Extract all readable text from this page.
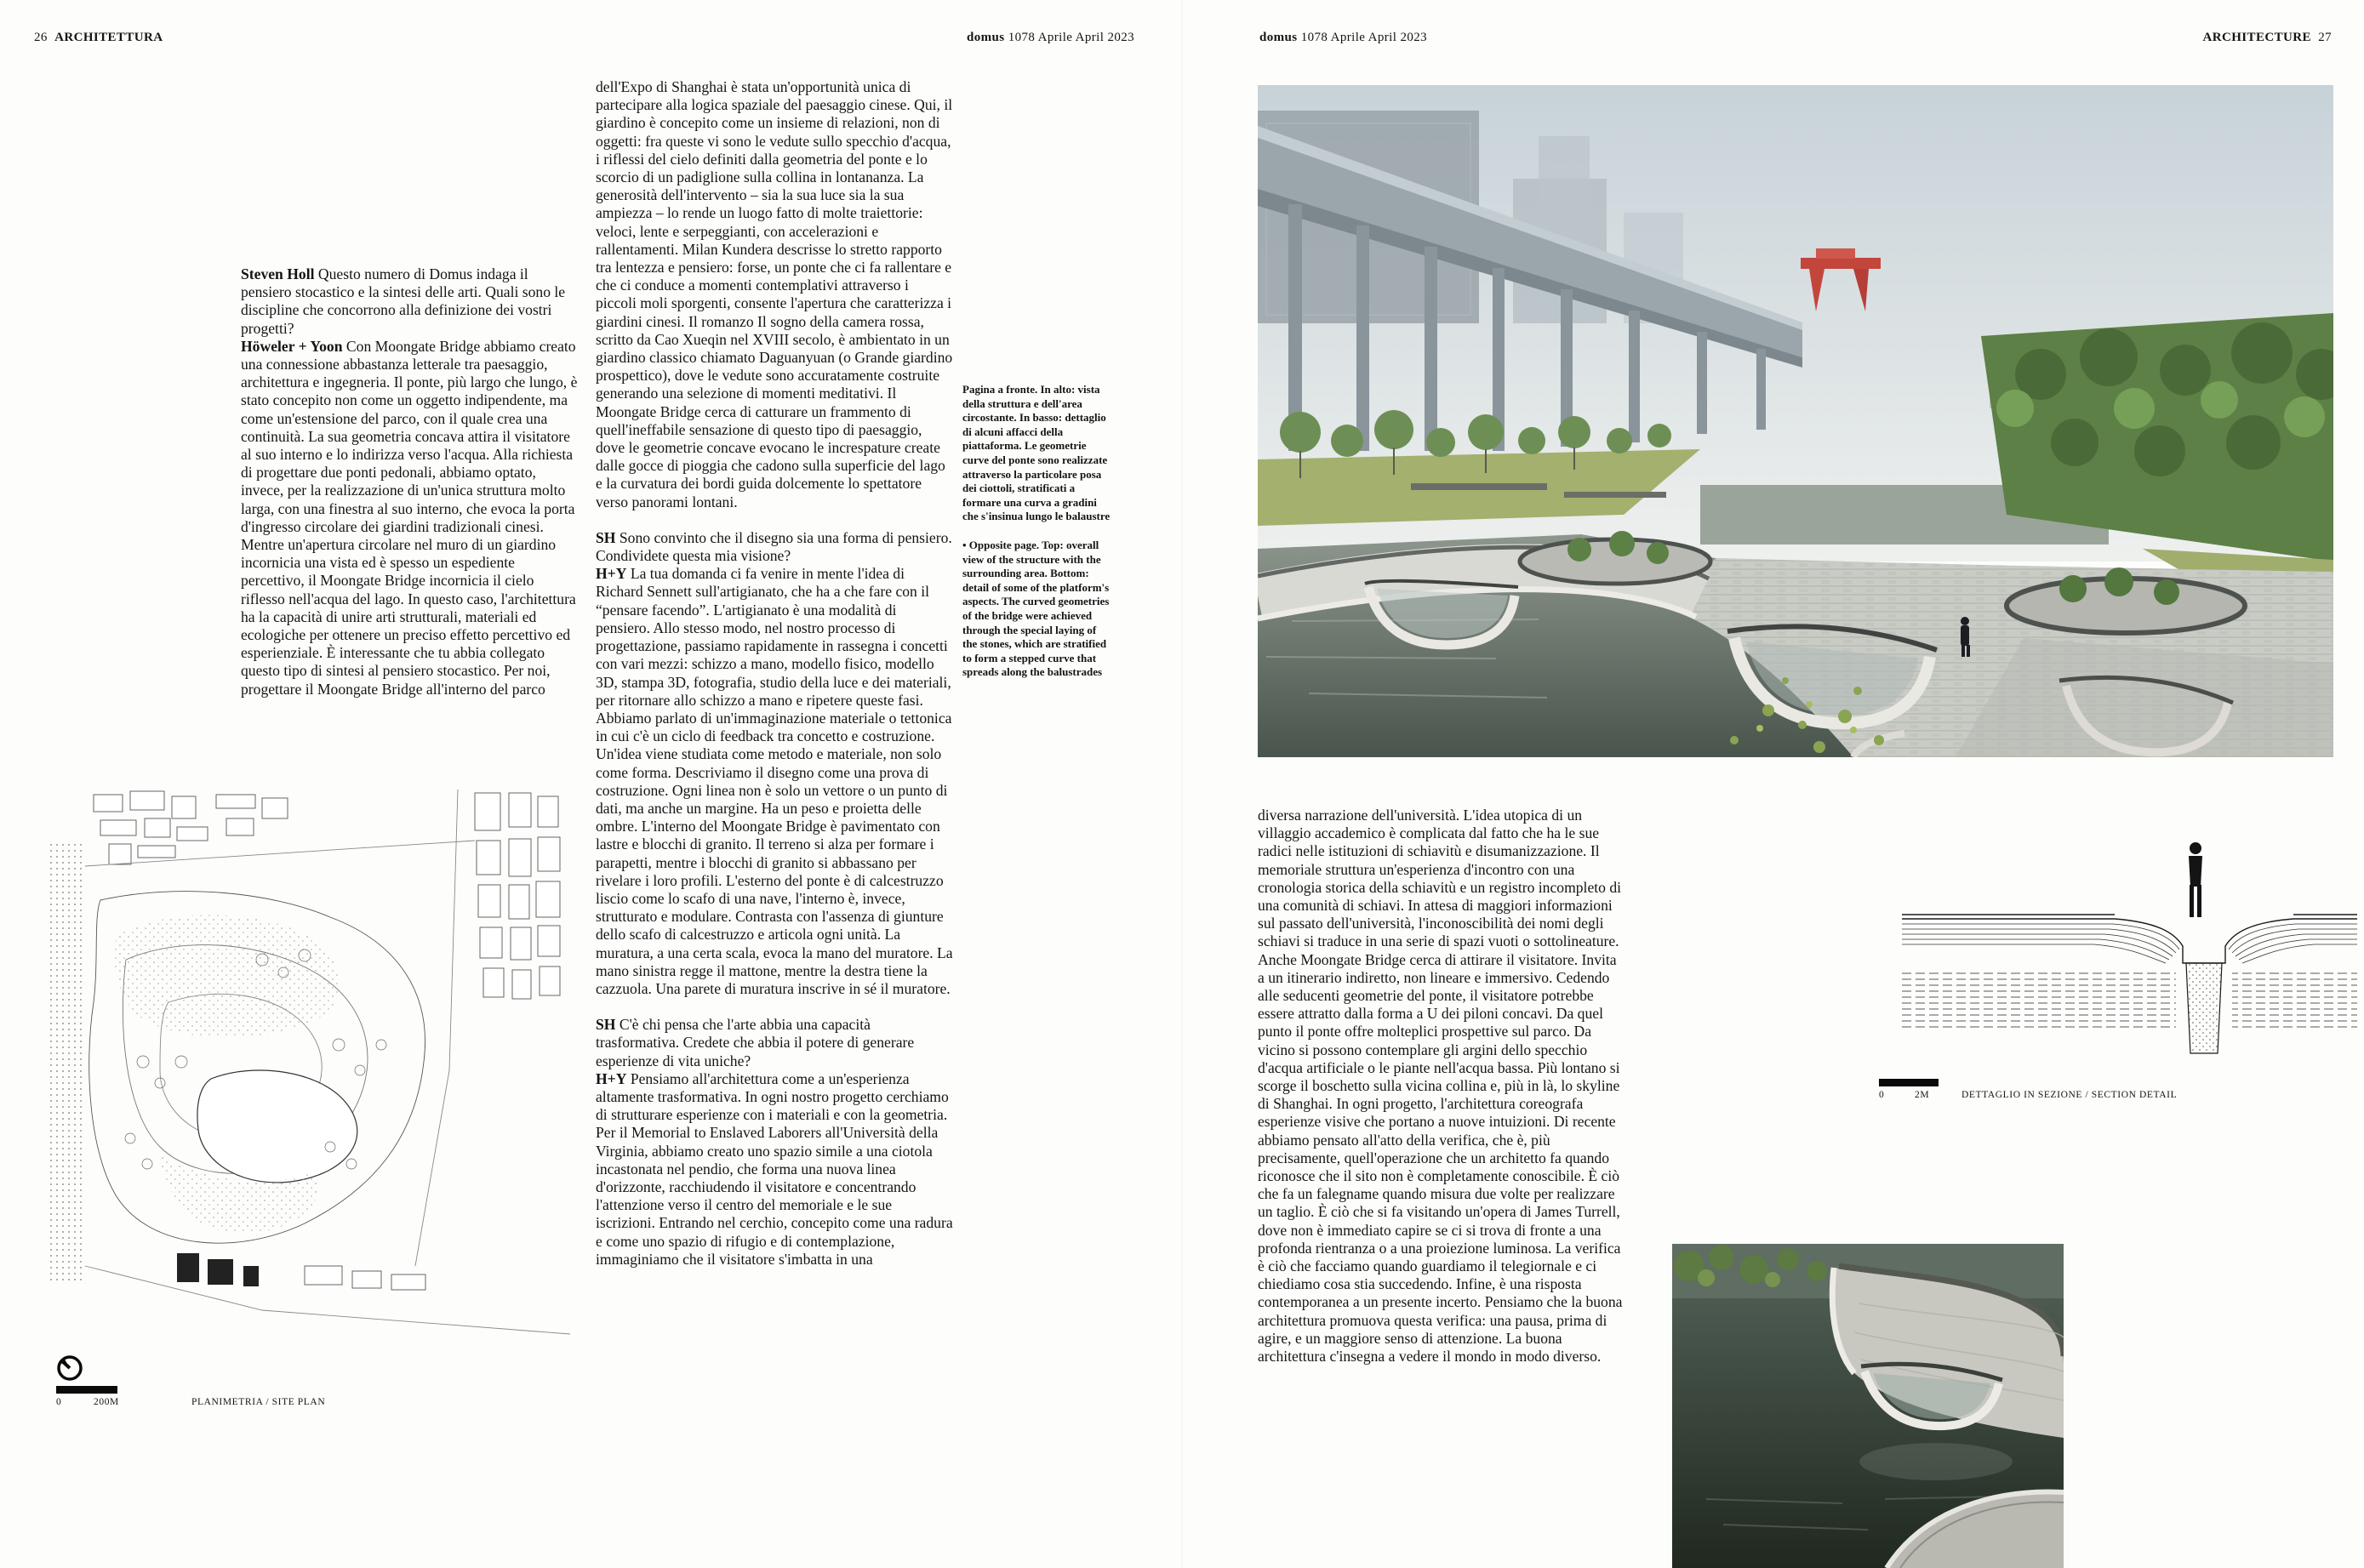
26 ARCHITETTURA	domus 1078 Aprile April 2023	domus 1078 Aprile April 2023	ARCHITECTURE 27

Steven Holl Questo numero di Domus indaga il pensiero stocastico e la sintesi delle arti. Quali sono le discipline che concorrono alla definizione dei vostri progetti?

Höweler + Yoon Con Moongate Bridge abbiamo creato una connessione abbastanza letterale tra paesaggio, architettura e ingegneria. Il ponte, più largo che lungo, è stato concepito non come un oggetto indipendente, ma come un'estensione del parco, con il quale crea una continuità. La sua geometria concava attira il visitatore al suo interno e lo indirizza verso l'acqua. Alla richiesta di progettare due ponti pedonali, abbiamo optato, invece, per la realizzazione di un'unica struttura molto larga, con una finestra al suo interno, che evoca la porta d'ingresso circolare dei giardini tradizionali cinesi. Mentre un'apertura circolare nel muro di un giardino incornicia una vista ed è spesso un espediente percettivo, il Moongate Bridge incornicia il cielo riflesso nell'acqua del lago. In questo caso, l'architettura ha la capacità di unire arti strutturali, materiali ed ecologiche per ottenere un preciso effetto percettivo ed esperienziale. È interessante che tu abbia collegato questo tipo di sintesi al pensiero stocastico. Per noi, progettare il Moongate Bridge all'interno del parco

dell'Expo di Shanghai è stata un'opportunità unica di partecipare alla logica spaziale del paesaggio cinese. Qui, il giardino è concepito come un insieme di relazioni, non di oggetti: fra queste vi sono le vedute sullo specchio d'acqua, i riflessi del cielo definiti dalla geometria del ponte e lo scorcio di un padiglione sulla collina in lontananza. La generosità dell'intervento – sia la sua luce sia la sua ampiezza – lo rende un luogo fatto di molte traiettorie: veloci, lente e serpeggianti, con accelerazioni e rallentamenti. Milan Kundera descrisse lo stretto rapporto tra lentezza e pensiero: forse, un ponte che ci fa rallentare e che ci conduce a momenti contemplativi attraverso i piccoli moli sporgenti, consente l'apertura che caratterizza i giardini cinesi. Il romanzo Il sogno della camera rossa, scritto da Cao Xueqin nel XVIII secolo, è ambientato in un giardino classico chiamato Daguanyuan (o Grande giardino prospettico), dove le vedute sono accuratamente costruite generando una selezione di momenti meditativi. Il Moongate Bridge cerca di catturare un frammento di quell'ineffabile sensazione di questo tipo di paesaggio, dove le geometrie concave evocano le increspature create dalle gocce di pioggia che cadono sulla superficie del lago e la curvatura dei bordi guida dolcemente lo spettatore verso panorami lontani.

SH Sono convinto che il disegno sia una forma di pensiero. Condividete questa mia visione?

H+Y La tua domanda ci fa venire in mente l'idea di Richard Sennett sull'artigianato, che ha a che fare con il “pensare facendo”. L'artigianato è una modalità di pensiero. Allo stesso modo, nel nostro processo di progettazione, passiamo rapidamente in rassegna i concetti con vari mezzi: schizzo a mano, modello fisico, modello 3D, stampa 3D, fotografia, studio della luce e dei materiali, per ritornare allo schizzo a mano e ripetere queste fasi. Abbiamo parlato di un'immaginazione materiale o tettonica in cui c'è un ciclo di feedback tra concetto e costruzione. Un'idea viene studiata come metodo e materiale, non solo come forma. Descriviamo il disegno come una prova di costruzione. Ogni linea non è solo un vettore o un punto di dati, ma anche un margine. Ha un peso e proietta delle ombre. L'interno del Moongate Bridge è pavimentato con lastre e blocchi di granito. Il terreno si alza per formare i parapetti, mentre i blocchi di granito si abbassano per rivelare i loro profili. L'esterno del ponte è di calcestruzzo liscio come lo scafo di una nave, l'interno è, invece, strutturato e modulare. Contrasta con l'assenza di giunture dello scafo di calcestruzzo e articola ogni unità. La muratura, a una certa scala, evoca la mano del muratore. La mano sinistra regge il mattone, mentre la destra tiene la cazzuola. Una parete di muratura inscrive in sé il muratore.

SH C'è chi pensa che l'arte abbia una capacità trasformativa. Credete che abbia il potere di generare esperienze di vita uniche?

H+Y Pensiamo all'architettura come a un'esperienza altamente trasformativa. In ogni nostro progetto cerchiamo di strutturare esperienze con i materiali e con la geometria. Per il Memorial to Enslaved Laborers all'Università della Virginia, abbiamo creato uno spazio simile a una ciotola incastonata nel pendio, che forma una nuova linea d'orizzonte, racchiudendo il visitatore e concentrando l'attenzione verso il centro del memoriale e le sue iscrizioni. Entrando nel cerchio, concepito come una radura e come uno spazio di rifugio e di contemplazione, immaginiamo che il visitatore s'imbatta in una

Pagina a fronte. In alto: vista della struttura e dell'area circostante. In basso: dettaglio di alcuni affacci della piattaforma. Le geometrie curve del ponte sono realizzate attraverso la particolare posa dei ciottoli, stratificati a formare una curva a gradini che s'insinua lungo le balaustre

• Opposite page. Top: overall view of the structure with the surrounding area. Bottom: detail of some of the platform's aspects. The curved geometries of the bridge were achieved through the special laying of the stones, which are stratified to form a stepped curve that spreads along the balustrades

0	200M	PLANIMETRIA / SITE PLAN

diversa narrazione dell'università. L'idea utopica di un villaggio accademico è complicata dal fatto che ha le sue radici nelle istituzioni di schiavitù e disumanizzazione. Il memoriale struttura un'esperienza d'incontro con una cronologia storica della schiavitù e un registro incompleto di una comunità di schiavi. In attesa di maggiori informazioni sul passato dell'università, l'inconoscibilità dei nomi degli schiavi si traduce in una serie di spazi vuoti o sottolineature. Anche Moongate Bridge cerca di attirare il visitatore. Invita a un itinerario indiretto, non lineare e immersivo. Cedendo alle seducenti geometrie del ponte, il visitatore potrebbe essere attratto dalla forma a U dei piloni concavi. Da quel punto il ponte offre molteplici prospettive sul parco. Da vicino si possono contemplare gli argini dello specchio d'acqua artificiale o le piante nell'acqua bassa. Più lontano si scorge il boschetto sulla vicina collina e, più in là, lo skyline di Shanghai. In ogni progetto, l'architettura coreografa esperienze visive che portano a nuove intuizioni. Di recente abbiamo pensato all'atto della verifica, che è, più precisamente, quell'operazione che un architetto fa quando riconosce che il sito non è completamente conoscibile. È ciò che fa un falegname quando misura due volte per realizzare un taglio. È ciò che si fa visitando un'opera di James Turrell, dove non è immediato capire se ci si trova di fronte a una profonda rientranza o a una proiezione luminosa. La verifica è ciò che facciamo quando guardiamo il telegiornale e ci chiediamo cosa stia succedendo. Infine, è una risposta contemporanea a un presente incerto. Pensiamo che la buona architettura promuova questa verifica: una pausa, prima di agire, e un maggiore senso di attenzione. La buona architettura c'insegna a vedere il mondo in modo diverso.

0	2M	DETTAGLIO IN SEZIONE / SECTION DETAIL
